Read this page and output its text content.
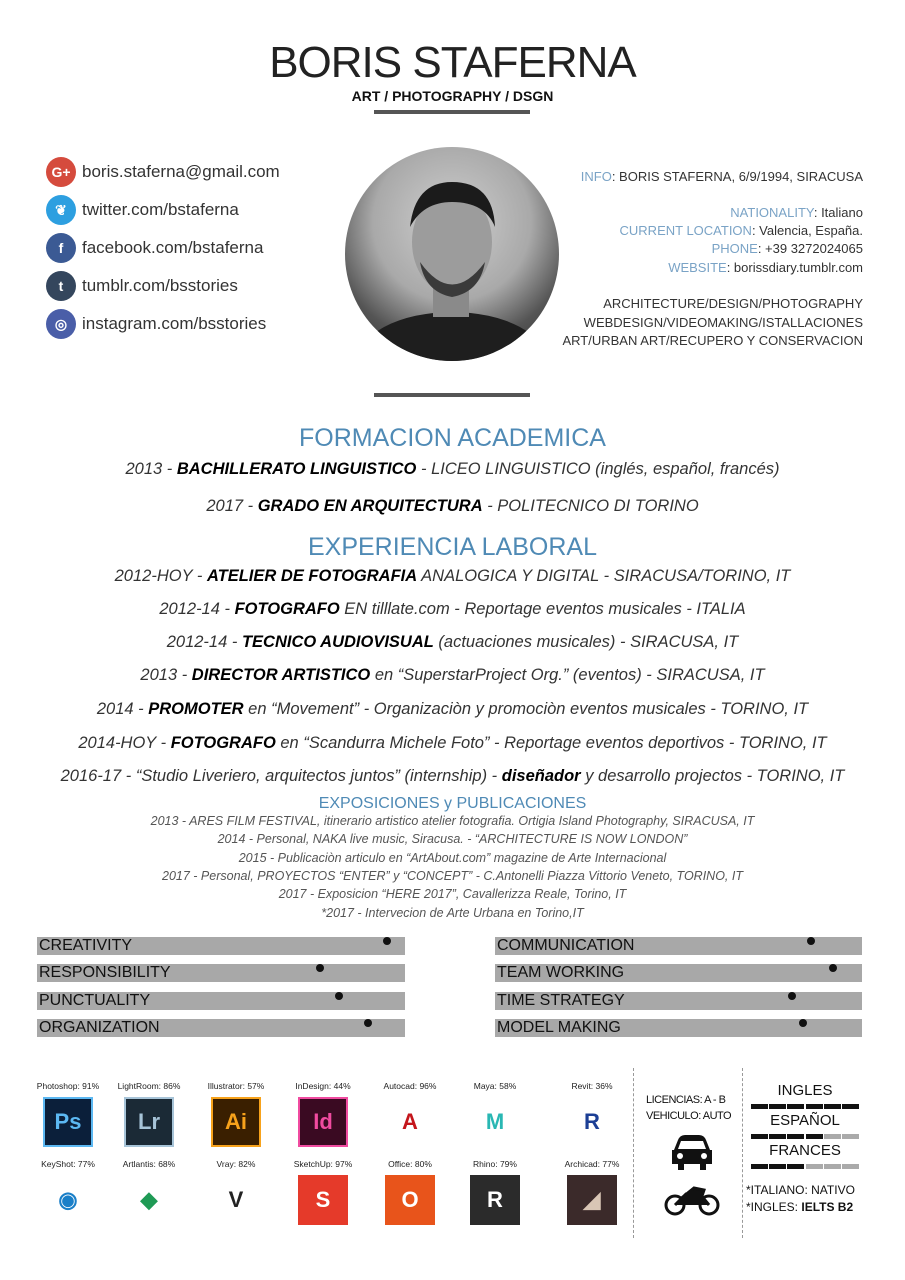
BORIS STAFERNA
ART / PHOTOGRAPHY / DSGN
G+ boris.staferna@gmail.com
❦ twitter.com/bstaferna
f	facebook.com/bstaferna
t	tumblr.com/bsstories
◎ instagram.com/bsstories
INFO: BORIS STAFERNA, 6/9/1994, SIRACUSA
NATIONALITY: Italiano
CURRENT LOCATION: Valencia, España.
PHONE: +39 3272024065
WEBSITE: borissdiary.tumblr.com
ARCHITECTURE/DESIGN/PHOTOGRAPHY
WEBDESIGN/VIDEOMAKING/ISTALLACIONES
ART/URBAN ART/RECUPERO Y CONSERVACION
FORMACION ACADEMICA
2013 - BACHILLERATO LINGUISTICO - LICEO LINGUISTICO (inglés, español, francés)
2017 - GRADO EN ARQUITECTURA - POLITECNICO DI TORINO
EXPERIENCIA LABORAL
2012-HOY - ATELIER DE FOTOGRAFIA ANALOGICA Y DIGITAL - SIRACUSA/TORINO, IT
2012-14 - FOTOGRAFO EN tilllate.com - Reportage eventos musicales - ITALIA
2012-14 - TECNICO AUDIOVISUAL (actuaciones musicales) - SIRACUSA, IT
2013 - DIRECTOR ARTISTICO en “SuperstarProject Org.” (eventos) - SIRACUSA, IT
2014 - PROMOTER en “Movement” - Organizaciòn y promociòn eventos musicales - TORINO, IT
2014-HOY - FOTOGRAFO en “Scandurra Michele Foto” - Reportage eventos deportivos - TORINO, IT
2016-17 - “Studio Liveriero, arquitectos juntos” (internship) - diseñador y desarrollo projectos - TORINO, IT
EXPOSICIONES y PUBLICACIONES
2013 - ARES FILM FESTIVAL, itinerario artistico atelier fotografia. Ortigia Island Photography, SIRACUSA, IT
2014 - Personal, NAKA live music, Siracusa. - “ARCHITECTURE IS NOW LONDON”
2015 - Publicaciòn articulo en “ArtAbout.com” magazine de Arte Internacional
2017 - Personal, PROYECTOS “ENTER” y “CONCEPT” - C.Antonelli Piazza Vittorio Veneto, TORINO, IT
2017 - Exposicion “HERE 2017”, Cavallerizza Reale, Torino, IT
*2017 - Intervecion de Arte Urbana en Torino,IT
CREATIVITY
RESPONSIBILITY
PUNCTUALITY
ORGANIZATION
COMMUNICATION
TEAM WORKING
TIME STRATEGY
MODEL MAKING
Photoshop: 91%
Ps
LightRoom: 86%
Lr
Illustrator: 57%
Ai
InDesign: 44%
Id
Autocad: 96%
A
Maya: 58%
M
Revit: 36%
R
KeyShot: 77%
◉
Artlantis: 68%
◆
Vray: 82%
V
SketchUp: 97%
S
Office: 80%
O
Rhino: 79%
R
Archicad: 77%
◢
LICENCIAS: A - B
VEHICULO: AUTO
INGLES
ESPAÑOL
FRANCES
*ITALIANO: NATIVO
*INGLES: IELTS B2
